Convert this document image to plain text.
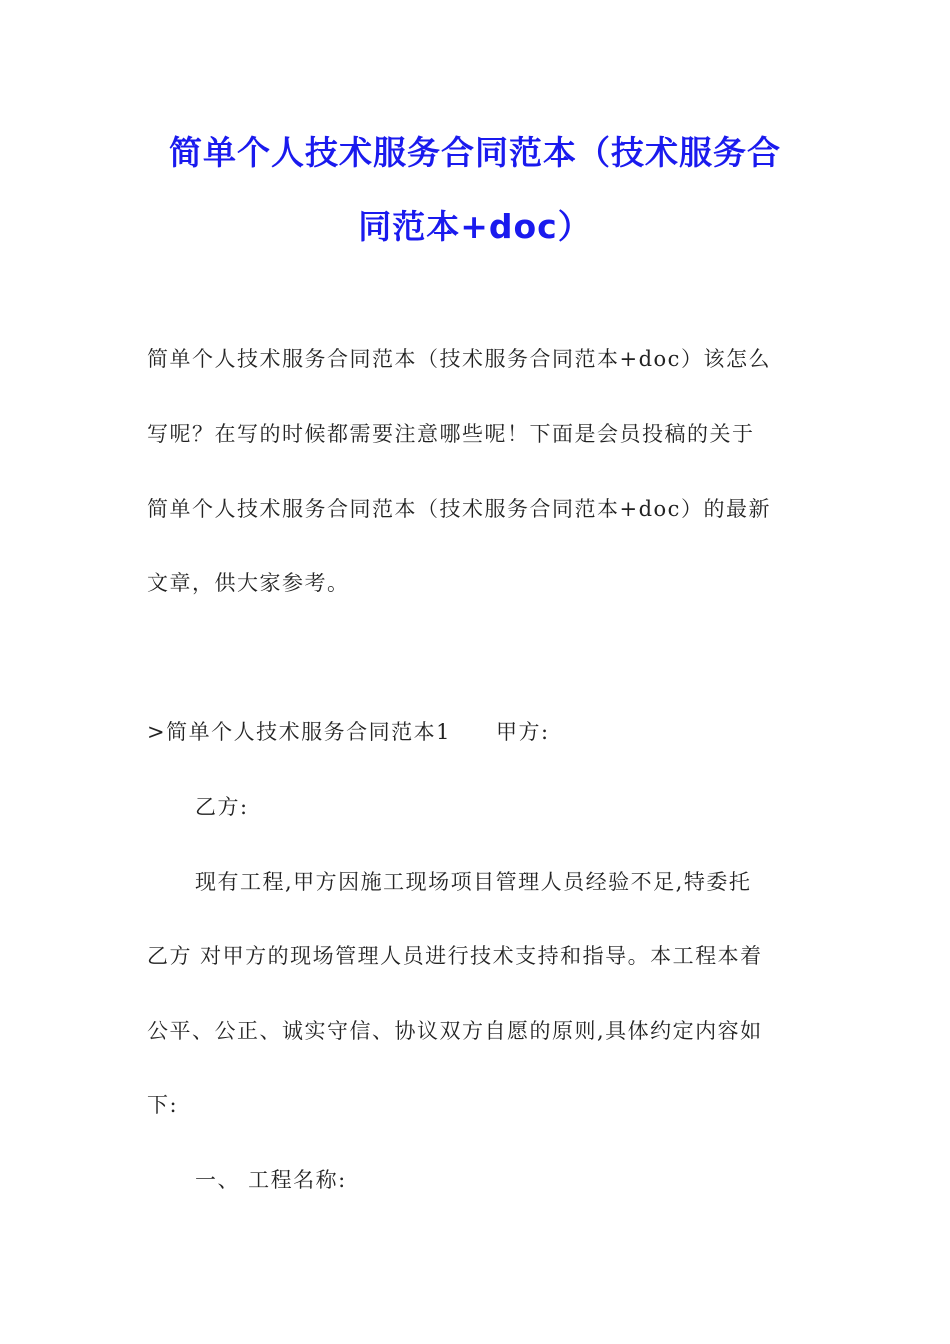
简单个人技术服务合同范本（技术服务合
同范本+doc）
简单个人技术服务合同范本（技术服务合同范本+doc）该怎么
写呢？在写的时候都需要注意哪些呢！下面是会员投稿的关于
简单个人技术服务合同范本（技术服务合同范本+doc）的最新
文章，供大家参考。
>简单个人技术服务合同范本1　　甲方:
乙方:
现有工程,甲方因施工现场项目管理人员经验不足,特委托
乙方 对甲方的现场管理人员进行技术支持和指导。本工程本着
公平、公正、诚实守信、协议双方自愿的原则,具体约定内容如
下:
一、 工程名称:
